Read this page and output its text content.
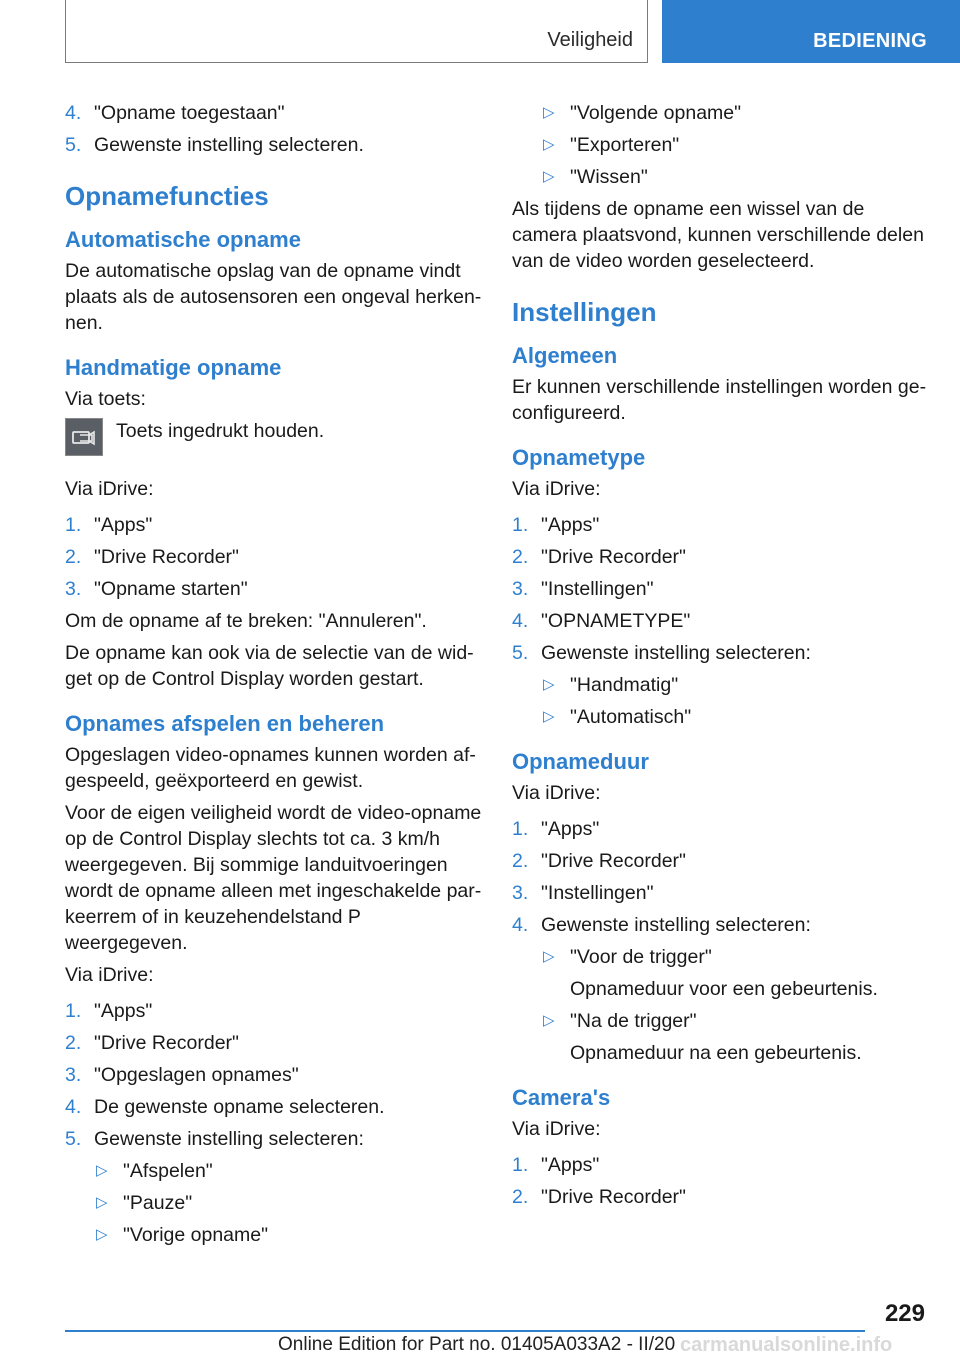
Veiligheid	BEDIENING
4. "Opname toegestaan"
5. Gewenste instelling selecteren.
Opnamefuncties
Automatische opname
De automatische opslag van de opname vindt plaats als de autosensoren een ongeval herken-nen.
Handmatige opname
Via toets:
Toets ingedrukt houden.
Via iDrive:
1. "Apps"
2. "Drive Recorder"
3. "Opname starten"
Om de opname af te breken: "Annuleren".
De opname kan ook via de selectie van de wid-get op de Control Display worden gestart.
Opnames afspelen en beheren
Opgeslagen video-opnames kunnen worden af-gespeeld, geëxporteerd en gewist.
Voor de eigen veiligheid wordt de video-opname op de Control Display slechts tot ca. 3 km/h weergegeven. Bij sommige landuitvoeringen wordt de opname alleen met ingeschakelde par-keerrem of in keuzehendelstand P weergegeven.
Via iDrive:
1. "Apps"
2. "Drive Recorder"
3. "Opgeslagen opnames"
4. De gewenste opname selecteren.
5. Gewenste instelling selecteren:
▷ "Afspelen"
▷ "Pauze"
▷ "Vorige opname"
▷ "Volgende opname"
▷ "Exporteren"
▷ "Wissen"
Als tijdens de opname een wissel van de camera plaatsvond, kunnen verschillende delen van de video worden geselecteerd.
Instellingen
Algemeen
Er kunnen verschillende instellingen worden ge-configureerd.
Opnametype
Via iDrive:
1. "Apps"
2. "Drive Recorder"
3. "Instellingen"
4. "OPNAMETYPE"
5. Gewenste instelling selecteren:
▷ "Handmatig"
▷ "Automatisch"
Opnameduur
Via iDrive:
1. "Apps"
2. "Drive Recorder"
3. "Instellingen"
4. Gewenste instelling selecteren:
▷ "Voor de trigger"
Opnameduur voor een gebeurtenis.
▷ "Na de trigger"
Opnameduur na een gebeurtenis.
Camera's
Via iDrive:
1. "Apps"
2. "Drive Recorder"
229
Online Edition for Part no. 01405A033A2 - II/20 carmanualsonline.info
